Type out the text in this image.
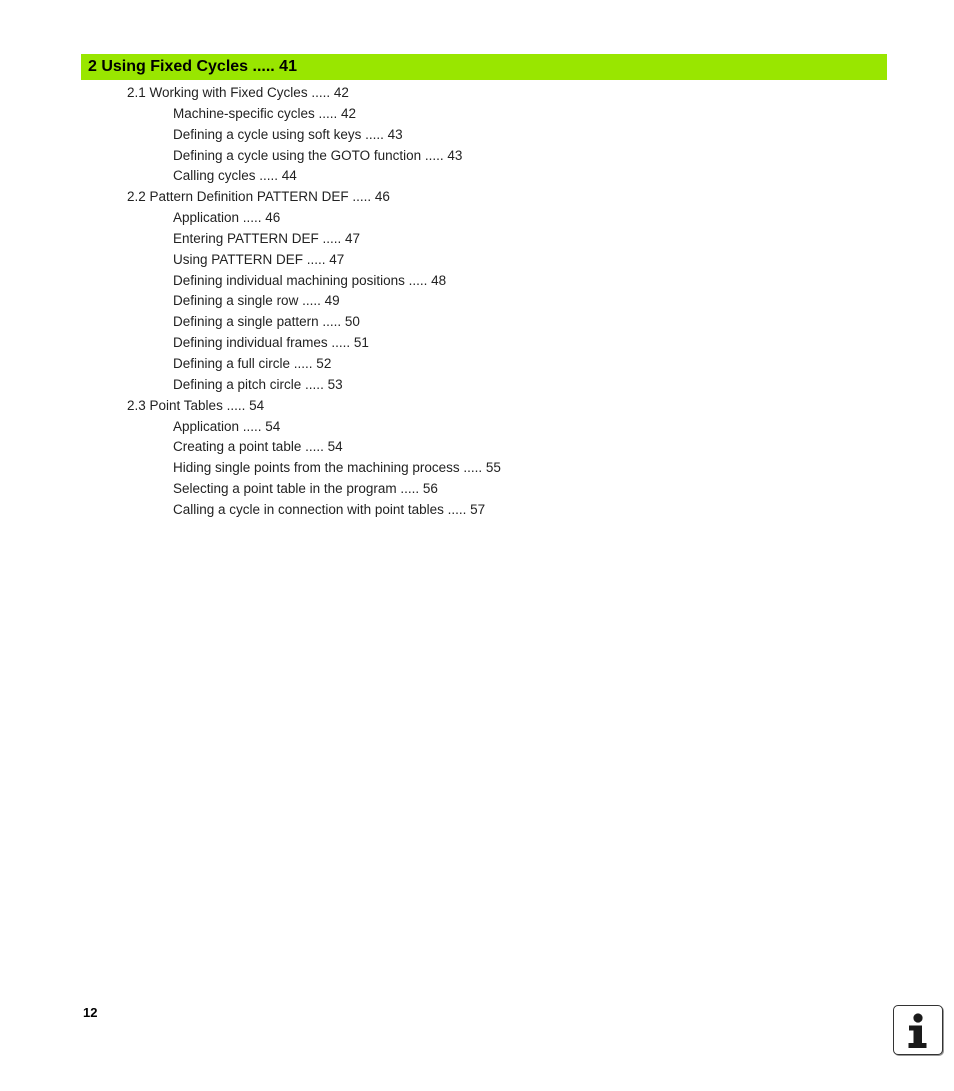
2 Using Fixed Cycles ..... 41
2.1 Working with Fixed Cycles ..... 42
Machine-specific cycles ..... 42
Defining a cycle using soft keys ..... 43
Defining a cycle using the GOTO function ..... 43
Calling cycles ..... 44
2.2 Pattern Definition PATTERN DEF ..... 46
Application ..... 46
Entering PATTERN DEF ..... 47
Using PATTERN DEF ..... 47
Defining individual machining positions ..... 48
Defining a single row ..... 49
Defining a single pattern ..... 50
Defining individual frames ..... 51
Defining a full circle ..... 52
Defining a pitch circle ..... 53
2.3 Point Tables ..... 54
Application ..... 54
Creating a point table ..... 54
Hiding single points from the machining process ..... 55
Selecting a point table in the program ..... 56
Calling a cycle in connection with point tables ..... 57
12
